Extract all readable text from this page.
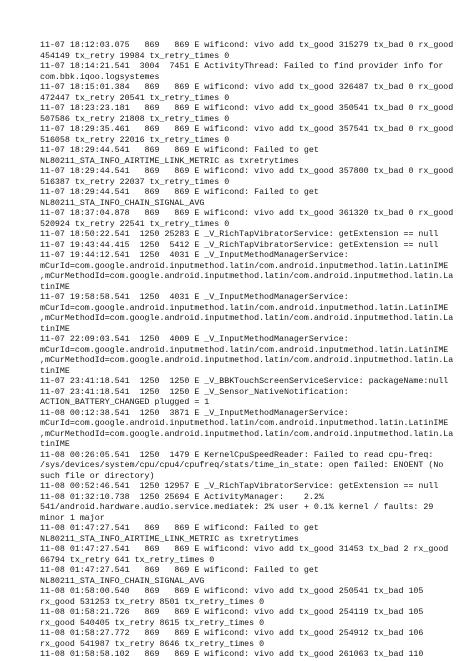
11-07 18:12:03.075   869   869 E wificond: vivo add tx_good 315279 tx_bad 0 rx_good
454149 tx_retry 19984 tx_retry_times 0
11-07 18:14:21.541  3004  7451 E ActivityThread: Failed to find provider info for
com.bbk.iqoo.logsystemes
11-07 18:15:01.384   869   869 E wificond: vivo add tx_good 326487 tx_bad 0 rx_good
472447 tx_retry 20541 tx_retry_times 0
11-07 18:23:23.181   869   869 E wificond: vivo add tx_good 350541 tx_bad 0 rx_good
507586 tx_retry 21808 tx_retry_times 0
11-07 18:29:35.461   869   869 E wificond: vivo add tx_good 357541 tx_bad 0 rx_good
516058 tx_retry 22016 tx_retry_times 0
11-07 18:29:44.541   869   869 E wificond: Failed to get
NL80211_STA_INFO_AIRTIME_LINK_METRIC as txretrytimes
11-07 18:29:44.541   869   869 E wificond: vivo add tx_good 357800 tx_bad 0 rx_good
516387 tx_retry 22037 tx_retry_times 0
11-07 18:29:44.541   869   869 E wificond: Failed to get
NL80211_STA_INFO_CHAIN_SIGNAL_AVG
11-07 18:37:04.878   869   869 E wificond: vivo add tx_good 361320 tx_bad 0 rx_good
520924 tx_retry 22541 tx_retry_times 0
11-07 18:50:22.541  1250 25283 E _V_RichTapVibratorService: getExtension == null
11-07 19:43:44.415  1250  5412 E _V_RichTapVibratorService: getExtension == null
11-07 19:44:12.541  1250  4031 E _V_InputMethodManagerService:
mCurId=com.google.android.inputmethod.latin/com.android.inputmethod.latin.LatinIME
,mCurMethodId=com.google.android.inputmethod.latin/com.android.inputmethod.latin.La
tinIME
11-07 19:58:58.541  1250  4031 E _V_InputMethodManagerService:
mCurId=com.google.android.inputmethod.latin/com.android.inputmethod.latin.LatinIME
,mCurMethodId=com.google.android.inputmethod.latin/com.android.inputmethod.latin.La
tinIME
11-07 22:09:03.541  1250  4009 E _V_InputMethodManagerService:
mCurId=com.google.android.inputmethod.latin/com.android.inputmethod.latin.LatinIME
,mCurMethodId=com.google.android.inputmethod.latin/com.android.inputmethod.latin.La
tinIME
11-07 23:41:18.541  1250  1250 E _V_BBKTouchScreenServiceService: packageName:null
11-07 23:41:18.541  1250  1250 E _V_Sensor_NativeNotification:
ACTION_BATTERY_CHANGED plugged = 1
11-08 00:12:38.541  1250  3871 E _V_InputMethodManagerService:
mCurId=com.google.android.inputmethod.latin/com.android.inputmethod.latin.LatinIME
,mCurMethodId=com.google.android.inputmethod.latin/com.android.inputmethod.latin.La
tinIME
11-08 00:26:05.541  1250  1479 E KernelCpuSpeedReader: Failed to read cpu-freq:
/sys/devices/system/cpu/cpu4/cpufreq/stats/time_in_state: open failed: ENOENT (No
such file or directory)
11-08 00:52:46.541  1250 12957 E _V_RichTapVibratorService: getExtension == null
11-08 01:32:10.738  1250 25694 E ActivityManager:    2.2%
541/android.hardware.audio.service.mediatek: 2% user + 0.1% kernel / faults: 29
minor 1 major
11-08 01:47:27.541   869   869 E wificond: Failed to get
NL80211_STA_INFO_AIRTIME_LINK_METRIC as txretrytimes
11-08 01:47:27.541   869   869 E wificond: vivo add tx_good 31453 tx_bad 2 rx_good
66794 tx_retry 641 tx_retry_times 0
11-08 01:47:27.541   869   869 E wificond: Failed to get
NL80211_STA_INFO_CHAIN_SIGNAL_AVG
11-08 01:58:00.540   869   869 E wificond: vivo add tx_good 250541 tx_bad 105
rx_good 531253 tx_retry 8501 tx_retry_times 0
11-08 01:58:21.726   869   869 E wificond: vivo add tx_good 254119 tx_bad 105
rx_good 540405 tx_retry 8615 tx_retry_times 0
11-08 01:58:27.772   869   869 E wificond: vivo add tx_good 254912 tx_bad 106
rx_good 541987 tx_retry 8646 tx_retry_times 0
11-08 01:58:58.102   869   869 E wificond: vivo add tx_good 261063 tx_bad 110
